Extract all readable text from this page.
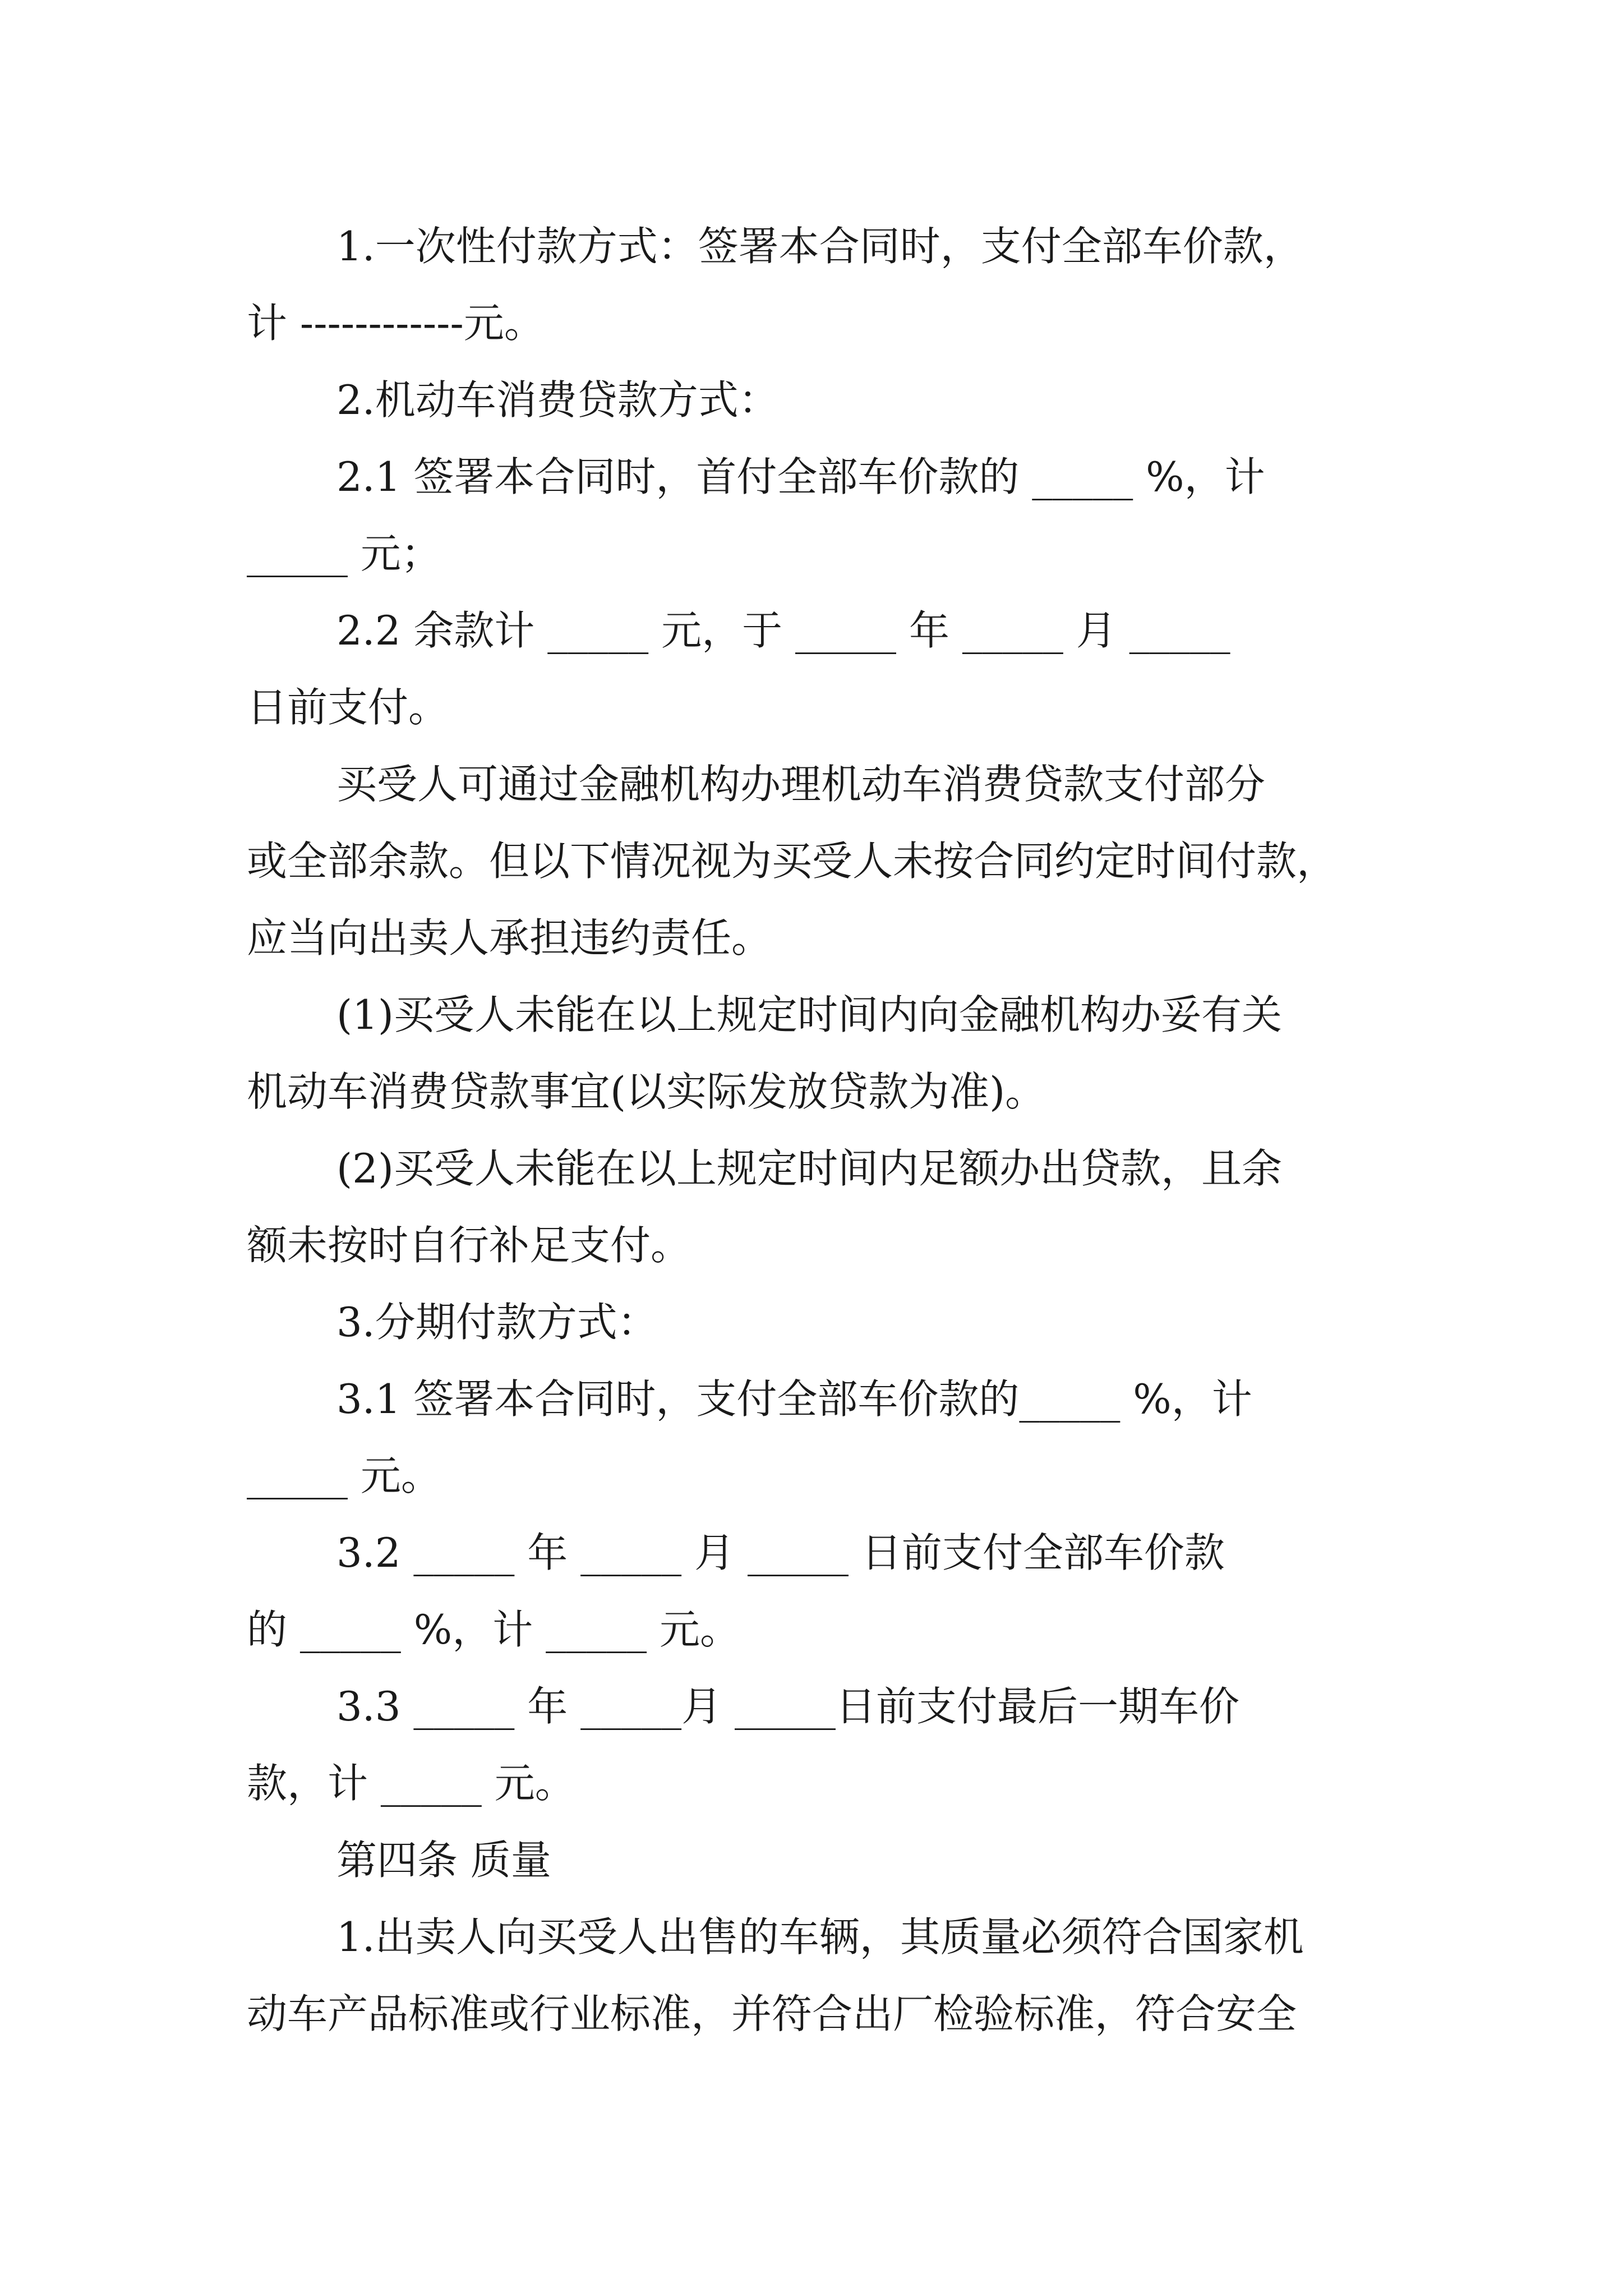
1.一次性付款方式：签署本合同时，支付全部车价款，
计 ------------元。
2.机动车消费贷款方式：
2.1 签署本合同时，首付全部车价款的 _____ %，计
_____ 元；
2.2 余款计 _____ 元，于 _____ 年 _____ 月 _____
日前支付。
买受人可通过金融机构办理机动车消费贷款支付部分
或全部余款。但以下情况视为买受人未按合同约定时间付款，
应当向出卖人承担违约责任。
(1)买受人未能在以上规定时间内向金融机构办妥有关
机动车消费贷款事宜(以实际发放贷款为准)。
(2)买受人未能在以上规定时间内足额办出贷款，且余
额未按时自行补足支付。
3.分期付款方式：
3.1 签署本合同时，支付全部车价款的_____ %，计
_____ 元。
3.2 _____ 年 _____ 月 _____ 日前支付全部车价款
的 _____ %，计 _____ 元。
3.3 _____ 年 _____月 _____日前支付最后一期车价
款，计 _____ 元。
第四条 质量
1.出卖人向买受人出售的车辆，其质量必须符合国家机
动车产品标准或行业标准，并符合出厂检验标准，符合安全
